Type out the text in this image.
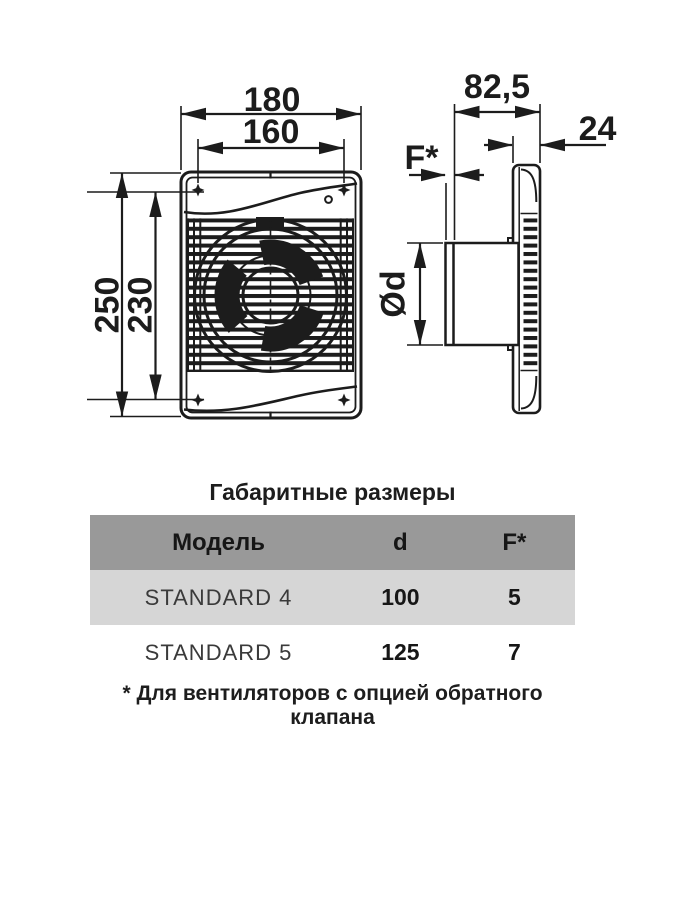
180
160
250
230
82,5
24
F*
Ød
Габаритные размеры
Модель	d	F*
STANDARD 4	100	5
STANDARD 5	125	7
* Для вентиляторов с опцией обратного клапана
